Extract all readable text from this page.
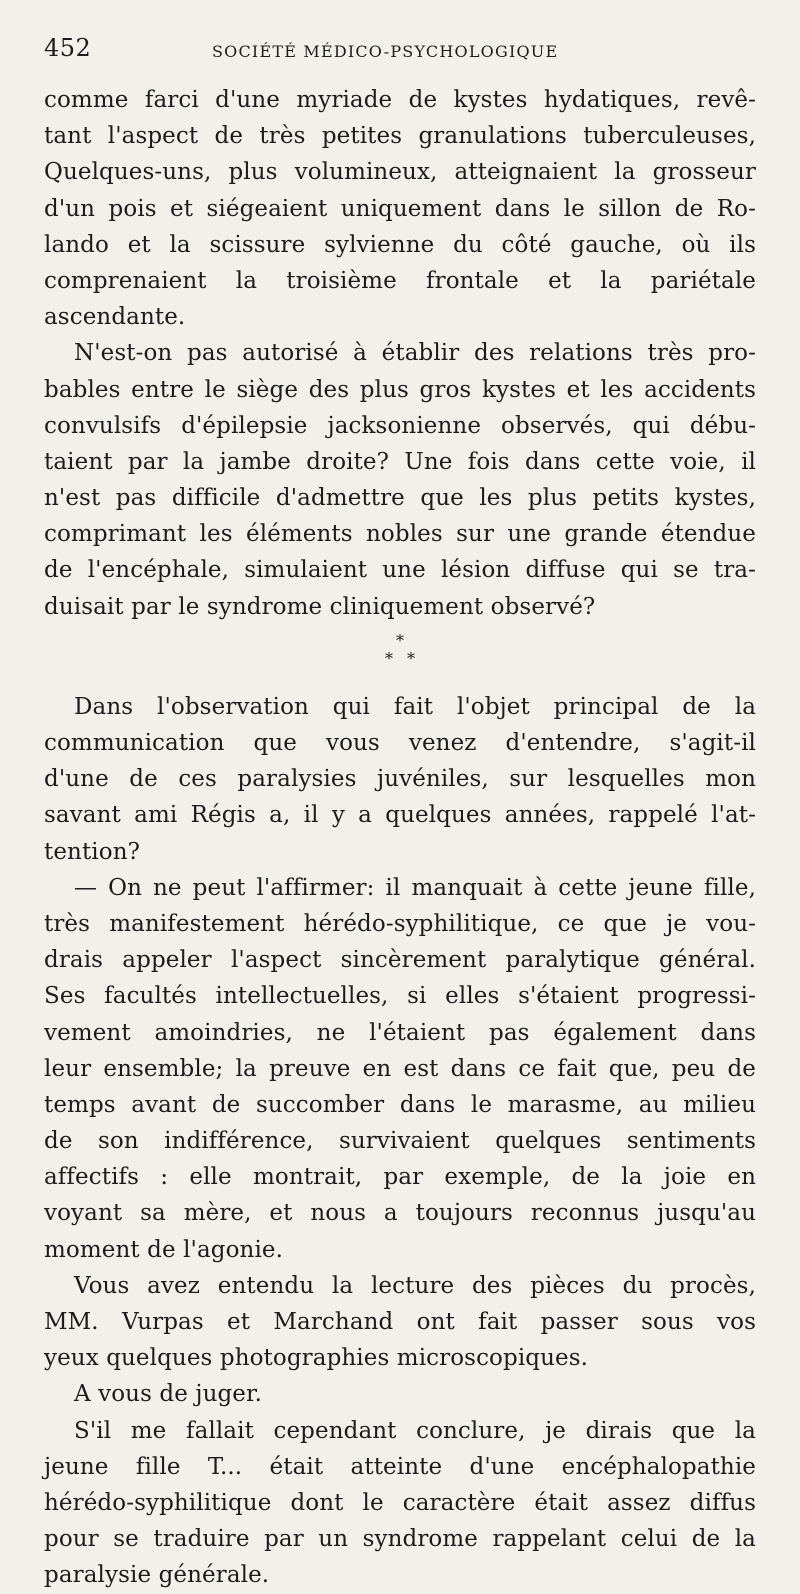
452	SOCIÉTÉ MÉDICO-PSYCHOLOGIQUE
comme farci d'une myriade de kystes hydatiques, revê-
tant l'aspect de très petites granulations tuberculeuses,
Quelques-uns, plus volumineux, atteignaient la grosseur
d'un pois et siégeaient uniquement dans le sillon de Ro-
lando et la scissure sylvienne du côté gauche, où ils
comprenaient la troisième frontale et la pariétale
ascendante.
N'est-on pas autorisé à établir des relations très pro-
bables entre le siège des plus gros kystes et les accidents
convulsifs d'épilepsie jacksonienne observés, qui débu-
taient par la jambe droite? Une fois dans cette voie, il
n'est pas difficile d'admettre que les plus petits kystes,
comprimant les éléments nobles sur une grande étendue
de l'encéphale, simulaient une lésion diffuse qui se tra-
duisait par le syndrome cliniquement observé?
*
**
Dans l'observation qui fait l'objet principal de la
communication que vous venez d'entendre, s'agit-il
d'une de ces paralysies juvéniles, sur lesquelles mon
savant ami Régis a, il y a quelques années, rappelé l'at-
tention?
— On ne peut l'affirmer: il manquait à cette jeune fille,
très manifestement hérédo-syphilitique, ce que je vou-
drais appeler l'aspect sincèrement paralytique général.
Ses facultés intellectuelles, si elles s'étaient progressi-
vement amoindries, ne l'étaient pas également dans
leur ensemble; la preuve en est dans ce fait que, peu de
temps avant de succomber dans le marasme, au milieu
de son indifférence, survivaient quelques sentiments
affectifs : elle montrait, par exemple, de la joie en
voyant sa mère, et nous a toujours reconnus jusqu'au
moment de l'agonie.
Vous avez entendu la lecture des pièces du procès,
MM. Vurpas et Marchand ont fait passer sous vos
yeux quelques photographies microscopiques.
A vous de juger.
S'il me fallait cependant conclure, je dirais que la
jeune fille T... était atteinte d'une encéphalopathie
hérédo-syphilitique dont le caractère était assez diffus
pour se traduire par un syndrome rappelant celui de la
paralysie générale.
